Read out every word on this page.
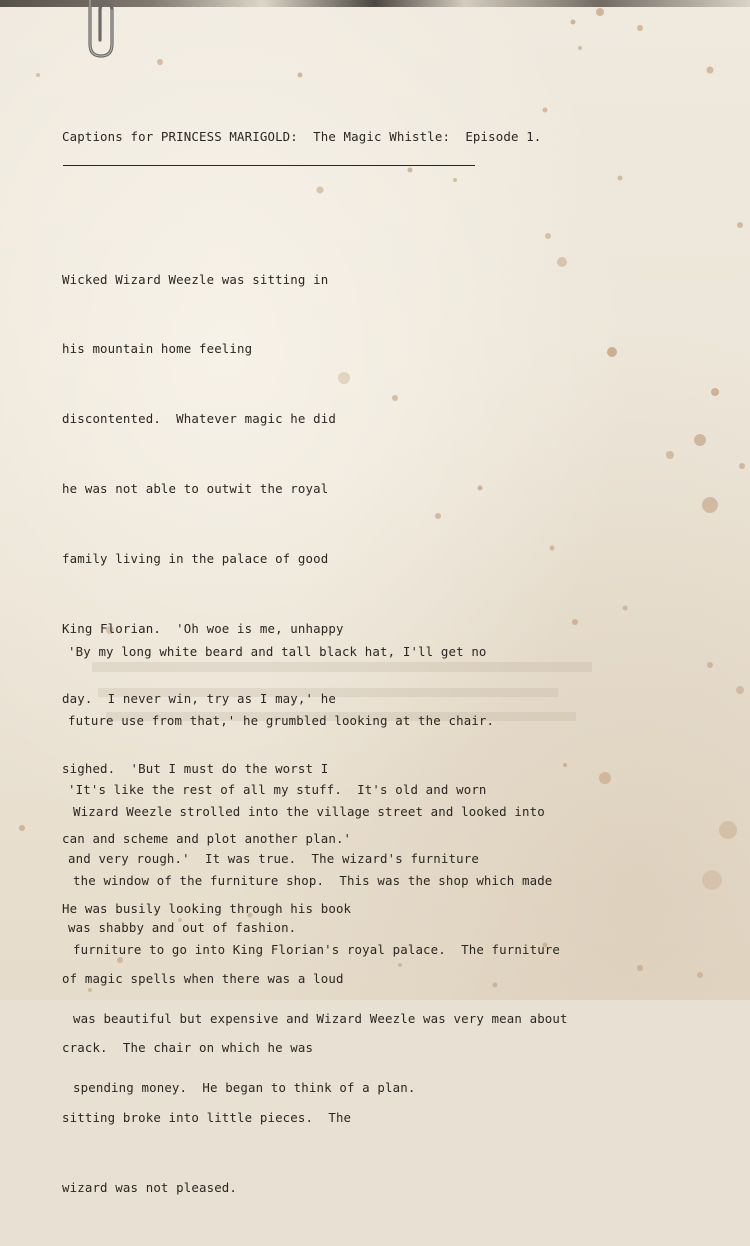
Captions for PRINCESS MARIGOLD:  The Magic Whistle:  Episode 1.

Wicked Wizard Weezle was sitting in

his mountain home feeling

discontented.  Whatever magic he did

he was not able to outwit the royal

family living in the palace of good

King Florian.  'Oh woe is me, unhappy

day.  I never win, try as I may,' he

sighed.  'But I must do the worst I

can and scheme and plot another plan.'

He was busily looking through his book

of magic spells when there was a loud

crack.  The chair on which he was

sitting broke into little pieces.  The

wizard was not pleased.

'By my long white beard and tall black hat, I'll get no

future use from that,' he grumbled looking at the chair.

'It's like the rest of all my stuff.  It's old and worn

and very rough.'  It was true.  The wizard's furniture

was shabby and out of fashion.

Wizard Weezle strolled into the village street and looked into

the window of the furniture shop.  This was the shop which made

furniture to go into King Florian's royal palace.  The furniture

was beautiful but expensive and Wizard Weezle was very mean about

spending money.  He began to think of a plan.
